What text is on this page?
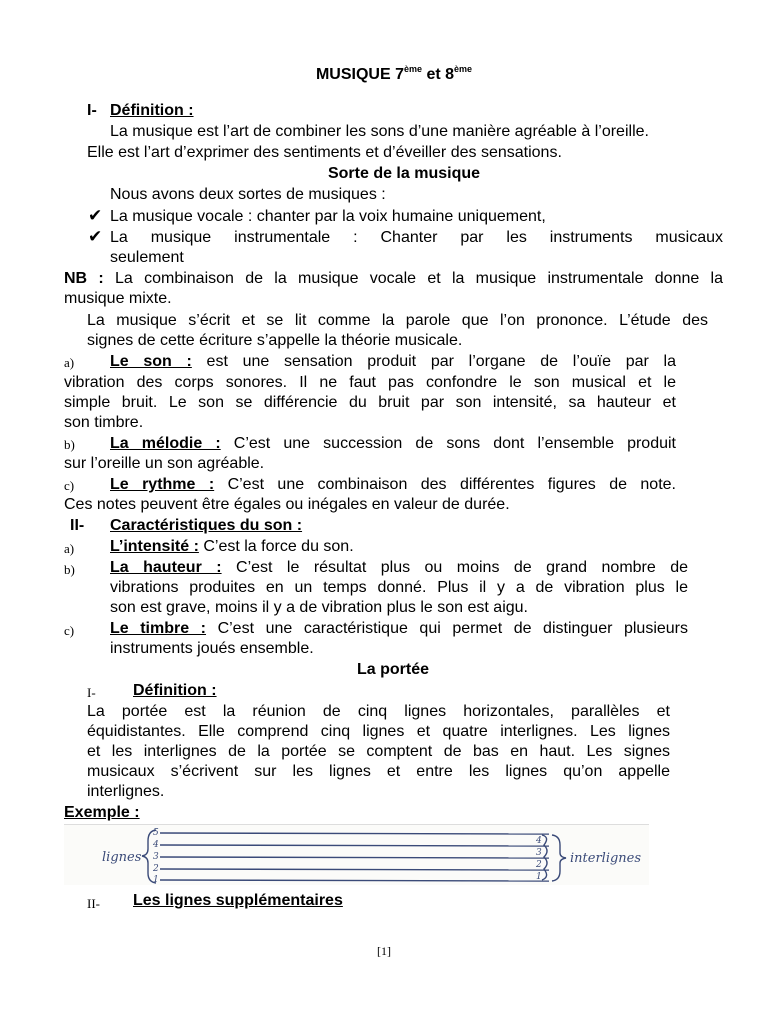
MUSIQUE 7ème et 8ème
I- Définition :
La musique est l’art de combiner les sons d’une manière agréable à l’oreille.
Elle est l’art d’exprimer des sentiments et d’éveiller des sensations.
Sorte de la musique
Nous avons deux sortes de musiques :
✔ La musique vocale : chanter par la voix humaine uniquement,
✔ La musique instrumentale : Chanter par les instruments musicaux
seulement
NB : La combinaison de la musique vocale et la musique instrumentale donne la
musique mixte.
La musique s’écrit et se lit comme la parole que l’on prononce. L’étude des
signes de cette écriture s’appelle la théorie musicale.
a) Le son : est une sensation produit par l’organe de l’ouïe par la
vibration des corps sonores. Il ne faut pas confondre le son musical et le
simple bruit. Le son se différencie du bruit par son intensité, sa hauteur et
son timbre.
b) La mélodie : C’est une succession de sons dont l’ensemble produit
sur l’oreille un son agréable.
c) Le rythme : C’est une combinaison des différentes figures de note.
Ces notes peuvent être égales ou inégales en valeur de durée.
II- Caractéristiques du son :
a) L’intensité : C’est la force du son.
b) La hauteur : C’est le résultat plus ou moins de grand nombre de
vibrations produites en un temps donné. Plus il y a de vibration plus le
son est grave, moins il y a de vibration plus le son est aigu.
c) Le timbre : C’est une caractéristique qui permet de distinguer plusieurs
instruments joués ensemble.
La portée
I- Définition :
La portée est la réunion de cinq lignes horizontales, parallèles et
équidistantes. Elle comprend cinq lignes et quatre interlignes. Les lignes
et les interlignes de la portée se comptent de bas en haut. Les signes
musicaux s’écrivent sur les lignes et entre les lignes qu’on appelle
interlignes.
Exemple :
5
4
3
2
1
4
3
2
1
lignes	interlignes
II- Les lignes supplémentaires
[1]
